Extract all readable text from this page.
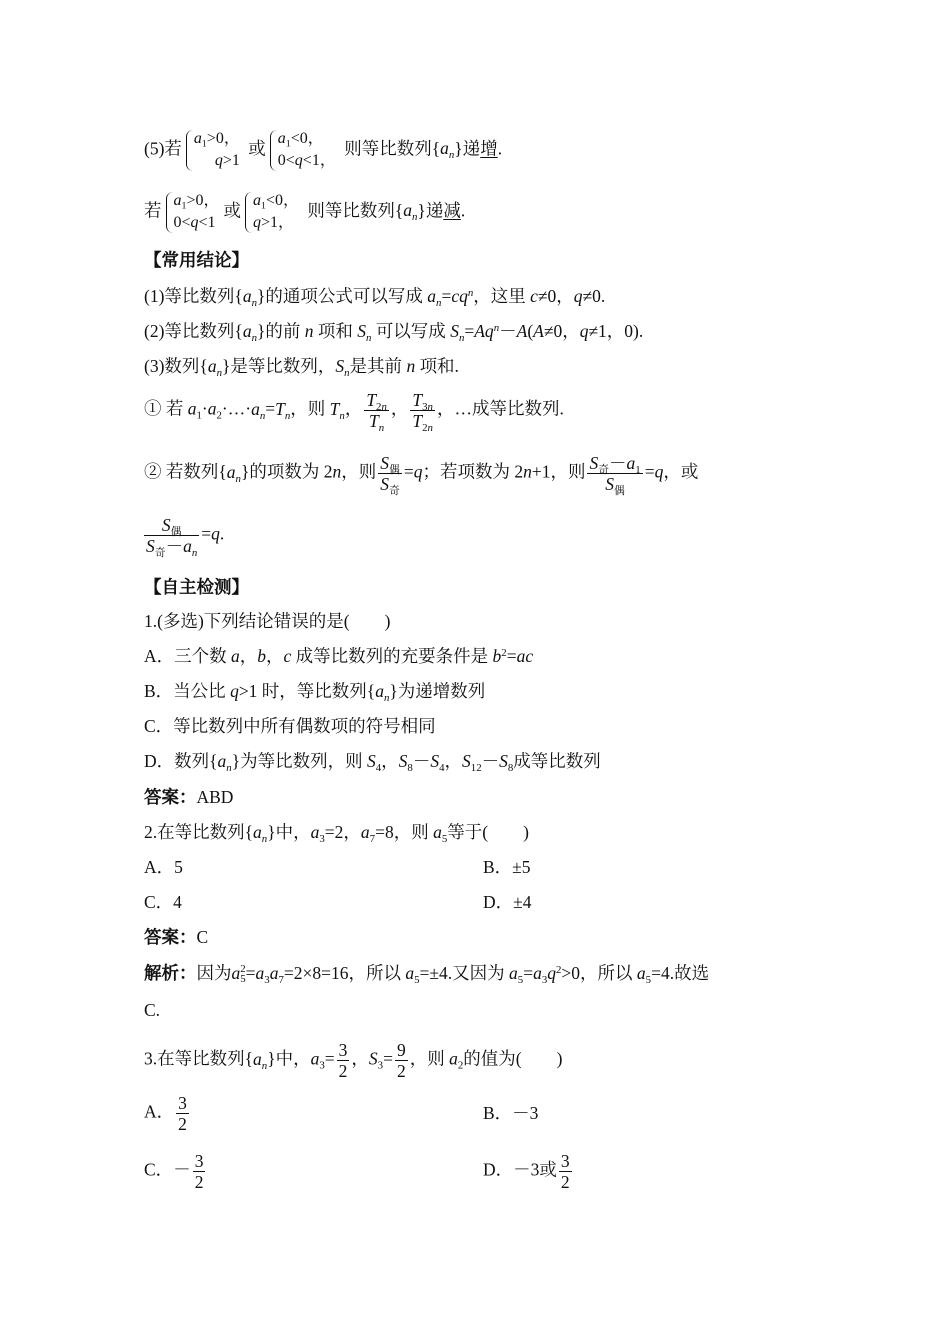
(5)若 $a_1>0$，
q>1
或 $a_1<0$，
0<q<1，
则等比数列$\{a_n\}$递增.
若 $a_1>0$，
0<q<1
或 $a_1<0$，
q>1，
则等比数列$\{a_n\}$递减.
【常用结论】
(1)等比数列$\{a_n\}$的通项公式可以写成 $a_n=cq^n$，这里 c≠0，q≠0.
(2)等比数列$\{a_n\}$的前 n 项和 $S_n$ 可以写成 $S_n=Aq^n-A(A\ne 0$，q≠1，0).
(3)数列$\{a_n\}$是等比数列，$S_n$是其前 n 项和.
① 若 $a_1\cdot a_2\cdot\dots\cdot a_n=T_n$，则 $T_n$， $\frac{T_{2n}}{T_n}$ ， $\frac{T_{3n}}{T_{2n}}$ ，…成等比数列.
② 若数列$\{a_n\}$的项数为 2n，则 $\frac{S_偶}{S_奇} =q$；若项数为 2n+1，则 $\frac{S_奇-a_1}{S_偶} =q$，或
$\frac{S_偶}{S_奇-a_n} =q$.
【自主检测】
1.(多选)下列结论错误的是(　　)
A．三个数 a，b，c 成等比数列的充要条件是 $b^2=ac$
B．当公比 q>1 时，等比数列$\{a_n\}$为递增数列
C．等比数列中所有偶数项的符号相同
D．数列$\{a_n\}$为等比数列，则 $S_4$，$S_8-S_4$，$S_{12}-S_8$成等比数列
答案：ABD
2.在等比数列$\{a_n\}$中，$a_3=2$，$a_7=8$，则 $a_5$等于(　　)
A．5	B．±5
C．4	D．±4
答案：C
解析：因为a 2
$5 =a_3a_7=2\times 8=16$，所以 $a_5=\pm 4$.又因为 $a_5=a_3q^2>0$，所以 $a_5=4$.故选
C.
3.在等比数列$\{a_n\}$中，$a_3= \frac{3}{2}$ ，$S_3= \frac{9}{2}$ ，则 $a_2$的值为(　　)
A． $\frac{3}{2}$	B．－3
C．－ $\frac{3}{2}$	D．－3或 $\frac{3}{2}$
